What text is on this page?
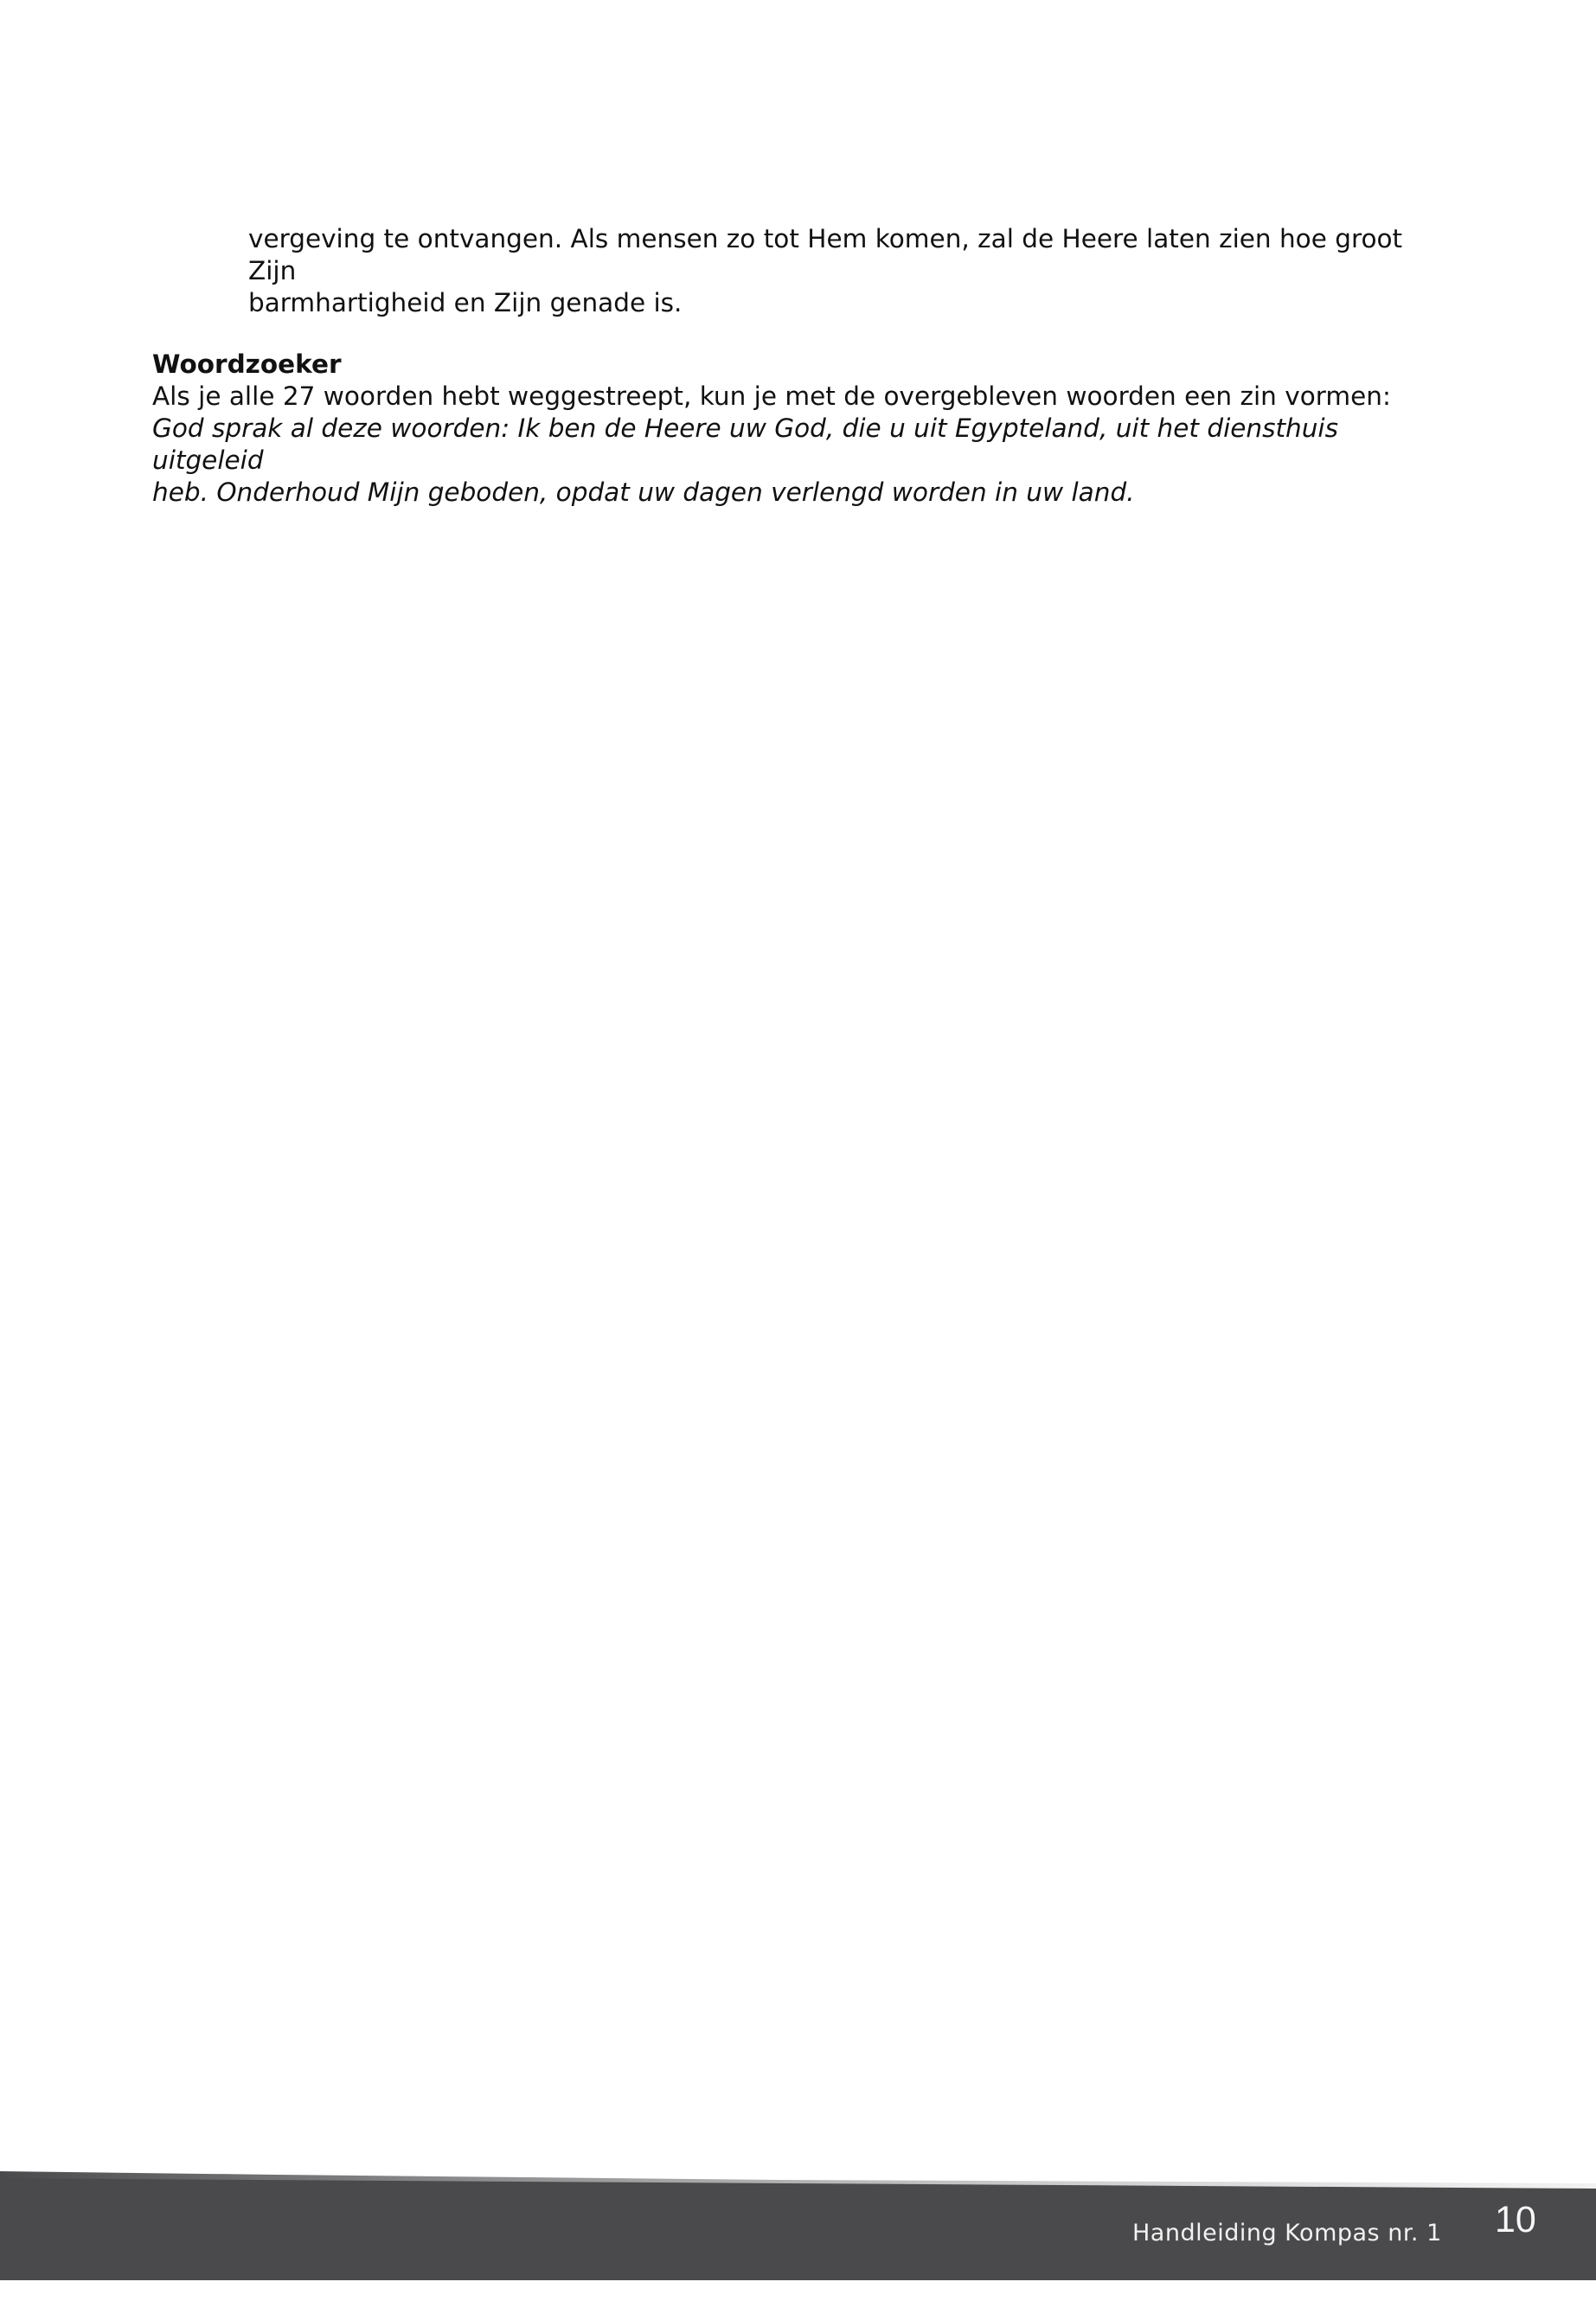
vergeving te ontvangen. Als mensen zo tot Hem komen, zal de Heere laten zien hoe groot Zijn

barmhartigheid en Zijn genade is.

Woordzoeker

Als je alle 27 woorden hebt weggestreept, kun je met de overgebleven woorden een zin vormen:

God sprak al deze woorden: Ik ben de Heere uw God, die u uit Egypteland, uit het diensthuis uitgeleid

heb. Onderhoud Mijn geboden, opdat uw dagen verlengd worden in uw land.

Handleiding Kompas nr. 1 10
